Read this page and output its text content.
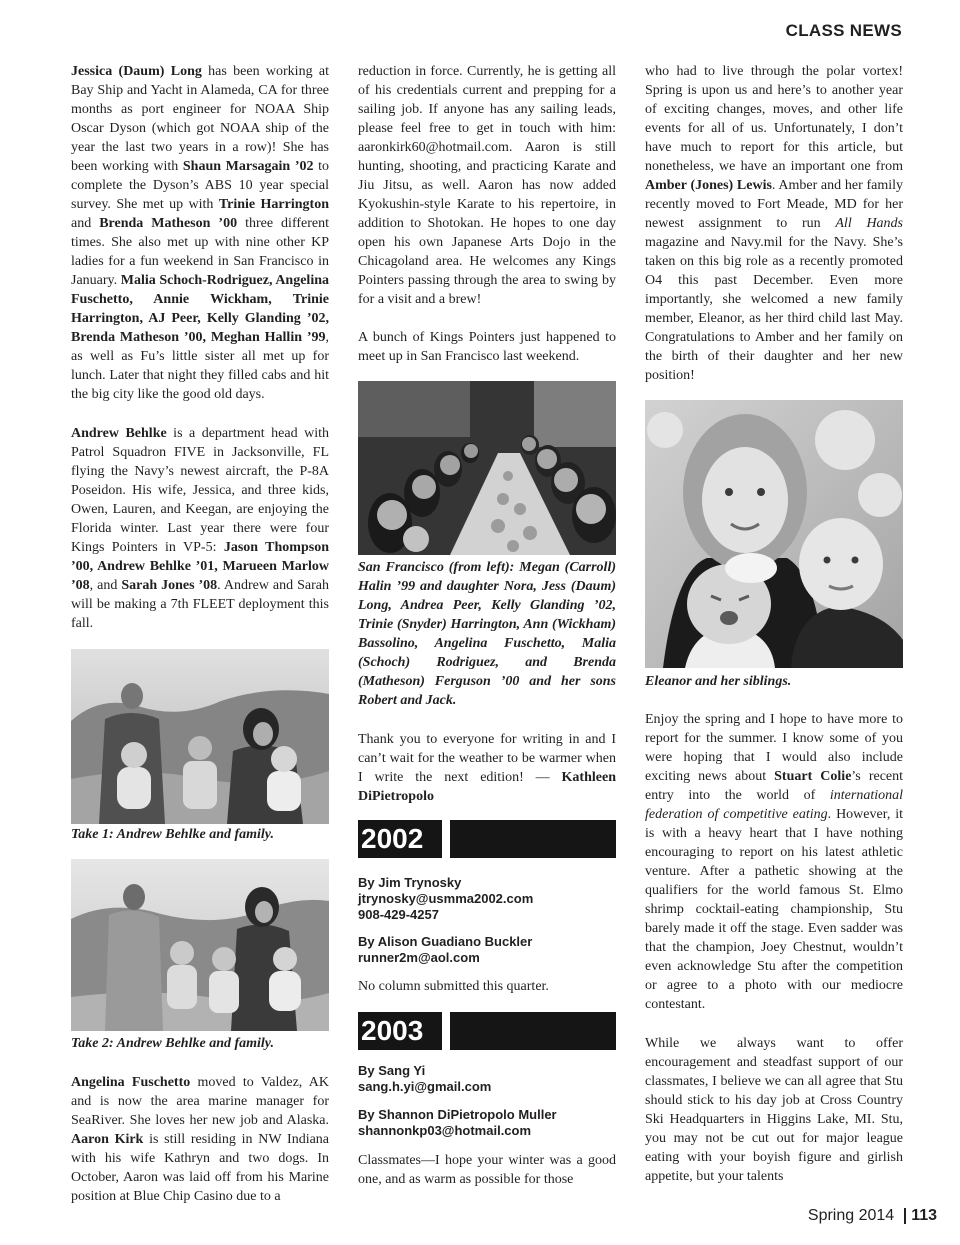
CLASS NEWS

Jessica (Daum) Long has been working at Bay Ship and Yacht in Alameda, CA for three months as port engineer for NOAA Ship Oscar Dyson (which got NOAA ship of the year the last two years in a row)! She has been working with Shaun Marsagain ’02 to complete the Dyson’s ABS 10 year special survey. She met up with Trinie Harrington and Brenda Matheson ’00 three different times. She also met up with nine other KP ladies for a fun weekend in San Francisco in January. Malia Schoch-Rodriguez, Angelina Fuschetto, Annie Wickham, Trinie Harrington, AJ Peer, Kelly Glanding ’02, Brenda Matheson ’00, Meghan Hallin ’99, as well as Fu’s little sister all met up for lunch. Later that night they filled cabs and hit the big city like the good old days.

Andrew Behlke is a department head with Patrol Squadron FIVE in Jacksonville, FL flying the Navy’s newest aircraft, the P-8A Poseidon. His wife, Jessica, and three kids, Owen, Lauren, and Keegan, are enjoying the Florida winter. Last year there were four Kings Pointers in VP-5: Jason Thompson ’00, Andrew Behlke ’01, Marueen Marlow ’08, and Sarah Jones ’08. Andrew and Sarah will be making a 7th FLEET deployment this fall.

Take 1: Andrew Behlke and family.

Take 2: Andrew Behlke and family.

Angelina Fuschetto moved to Valdez, AK and is now the area marine manager for SeaRiver. She loves her new job and Alaska. Aaron Kirk is still residing in NW Indiana with his wife Kathryn and two dogs. In October, Aaron was laid off from his Marine position at Blue Chip Casino due to a

reduction in force. Currently, he is getting all of his credentials current and prepping for a sailing job. If anyone has any sailing leads, please feel free to get in touch with him: aaronkirk60@hotmail.com. Aaron is still hunting, shooting, and practicing Karate and Jiu Jitsu, as well. Aaron has now added Kyokushin-style Karate to his repertoire, in addition to Shotokan. He hopes to one day open his own Japanese Arts Dojo in the Chicagoland area. He welcomes any Kings Pointers passing through the area to swing by for a visit and a brew!

A bunch of Kings Pointers just happened to meet up in San Francisco last weekend.

San Francisco (from left): Megan (Carroll) Halin ’99 and daughter Nora, Jess (Daum) Long, Andrea Peer, Kelly Glanding ’02, Trinie (Snyder) Harrington, Ann (Wickham) Bassolino, Angelina Fuschetto, Malia (Schoch) Rodriguez, and Brenda (Matheson) Ferguson ’00 and her sons Robert and Jack.

Thank you to everyone for writing in and I can’t wait for the weather to be warmer when I write the next edition! — Kathleen DiPietropolo

2002
By Jim Trynosky
jtrynosky@usmma2002.com
908-429-4257
By Alison Guadiano Buckler
runner2m@aol.com

No column submitted this quarter.

2003
By Sang Yi
sang.h.yi@gmail.com
By Shannon DiPietropolo Muller
shannonkp03@hotmail.com

Classmates—I hope your winter was a good one, and as warm as possible for those

who had to live through the polar vortex! Spring is upon us and here’s to another year of exciting changes, moves, and other life events for all of us. Unfortunately, I don’t have much to report for this article, but nonetheless, we have an important one from Amber (Jones) Lewis. Amber and her family recently moved to Fort Meade, MD for her newest assignment to run All Hands magazine and Navy.mil for the Navy. She’s taken on this big role as a recently promoted O4 this past December. Even more importantly, she welcomed a new family member, Eleanor, as her third child last May. Congratulations to Amber and her family on the birth of their daughter and her new position!

Eleanor and her siblings.

Enjoy the spring and I hope to have more to report for the summer. I know some of you were hoping that I would also include exciting news about Stuart Colie’s recent entry into the world of international federation of competitive eating. However, it is with a heavy heart that I have nothing encouraging to report on his latest athletic venture. After a pathetic showing at the qualifiers for the world famous St. Elmo shrimp cocktail-eating championship, Stu barely made it off the stage. Even sadder was that the champion, Joey Chestnut, wouldn’t even acknowledge Stu after the competition or agree to a photo with our mediocre contestant.

While we always want to offer encouragement and steadfast support of our classmates, I believe we can all agree that Stu should stick to his day job at Cross Country Ski Headquarters in Higgins Lake, MI. Stu, you may not be cut out for major league eating with your boyish figure and girlish appetite, but your talents

Spring 2014	113
